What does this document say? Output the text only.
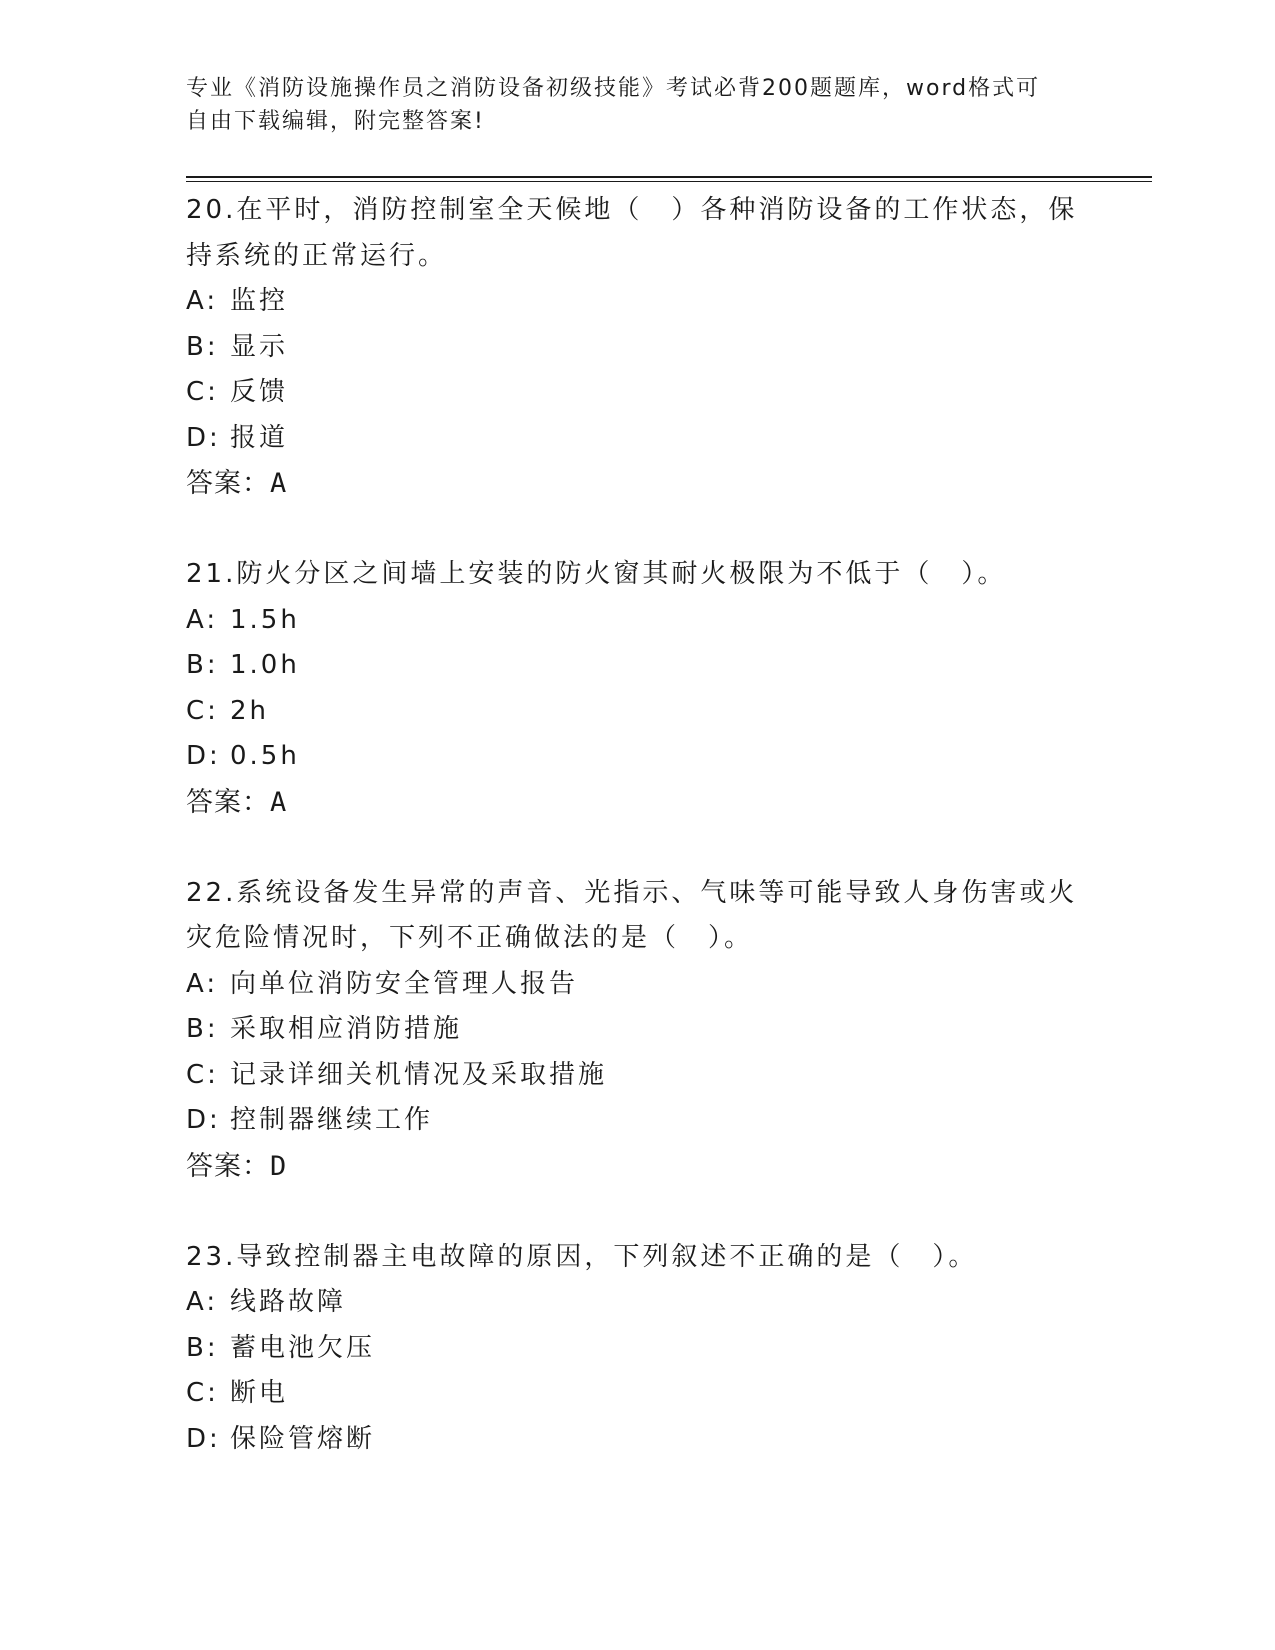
专业《消防设施操作员之消防设备初级技能》考试必背200题题库，word格式可
自由下载编辑，附完整答案!
20.在平时，消防控制室全天候地（　）各种消防设备的工作状态，保
持系统的正常运行。
A: 监控
B: 显示
C: 反馈
D: 报道
答案：A
21.防火分区之间墙上安装的防火窗其耐火极限为不低于（　）。
A: 1.5h
B: 1.0h
C: 2h
D: 0.5h
答案：A
22.系统设备发生异常的声音、光指示、气味等可能导致人身伤害或火
灾危险情况时，下列不正确做法的是（　）。
A: 向单位消防安全管理人报告
B: 采取相应消防措施
C: 记录详细关机情况及采取措施
D: 控制器继续工作
答案：D
23.导致控制器主电故障的原因，下列叙述不正确的是（　）。
A: 线路故障
B: 蓄电池欠压
C: 断电
D: 保险管熔断
